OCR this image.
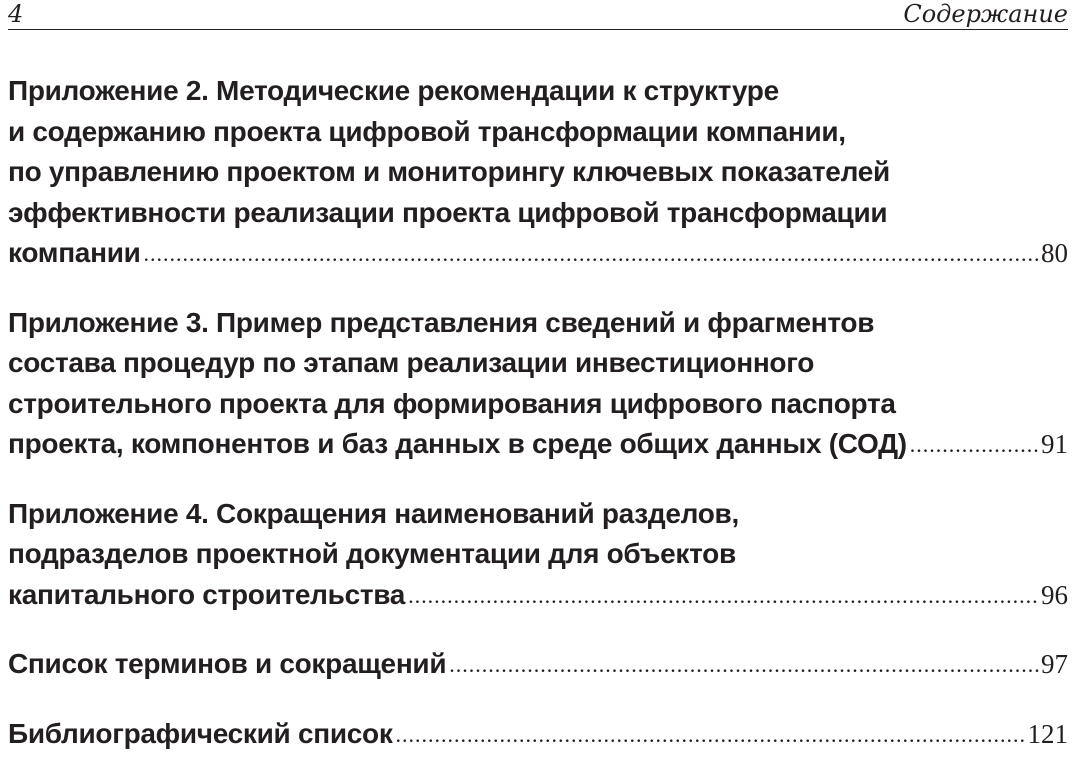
4	Содержание

Приложение 2. Методические рекомендации к структуре
и содержанию проекта цифровой трансформации компании,
по управлению проектом и мониторингу ключевых показателей
эффективности реализации проекта цифровой трансформации
компании .....	80

Приложение 3. Пример представления сведений и фрагментов
состава процедур по этапам реализации инвестиционного
строительного проекта для формирования цифрового паспорта
проекта, компонентов и баз данных в среде общих данных (СОД) .....	91

Приложение 4. Сокращения наименований разделов,
подразделов проектной документации для объектов
капитального строительства .....	96

Список терминов и сокращений .....	97

Библиографический список .....	121
